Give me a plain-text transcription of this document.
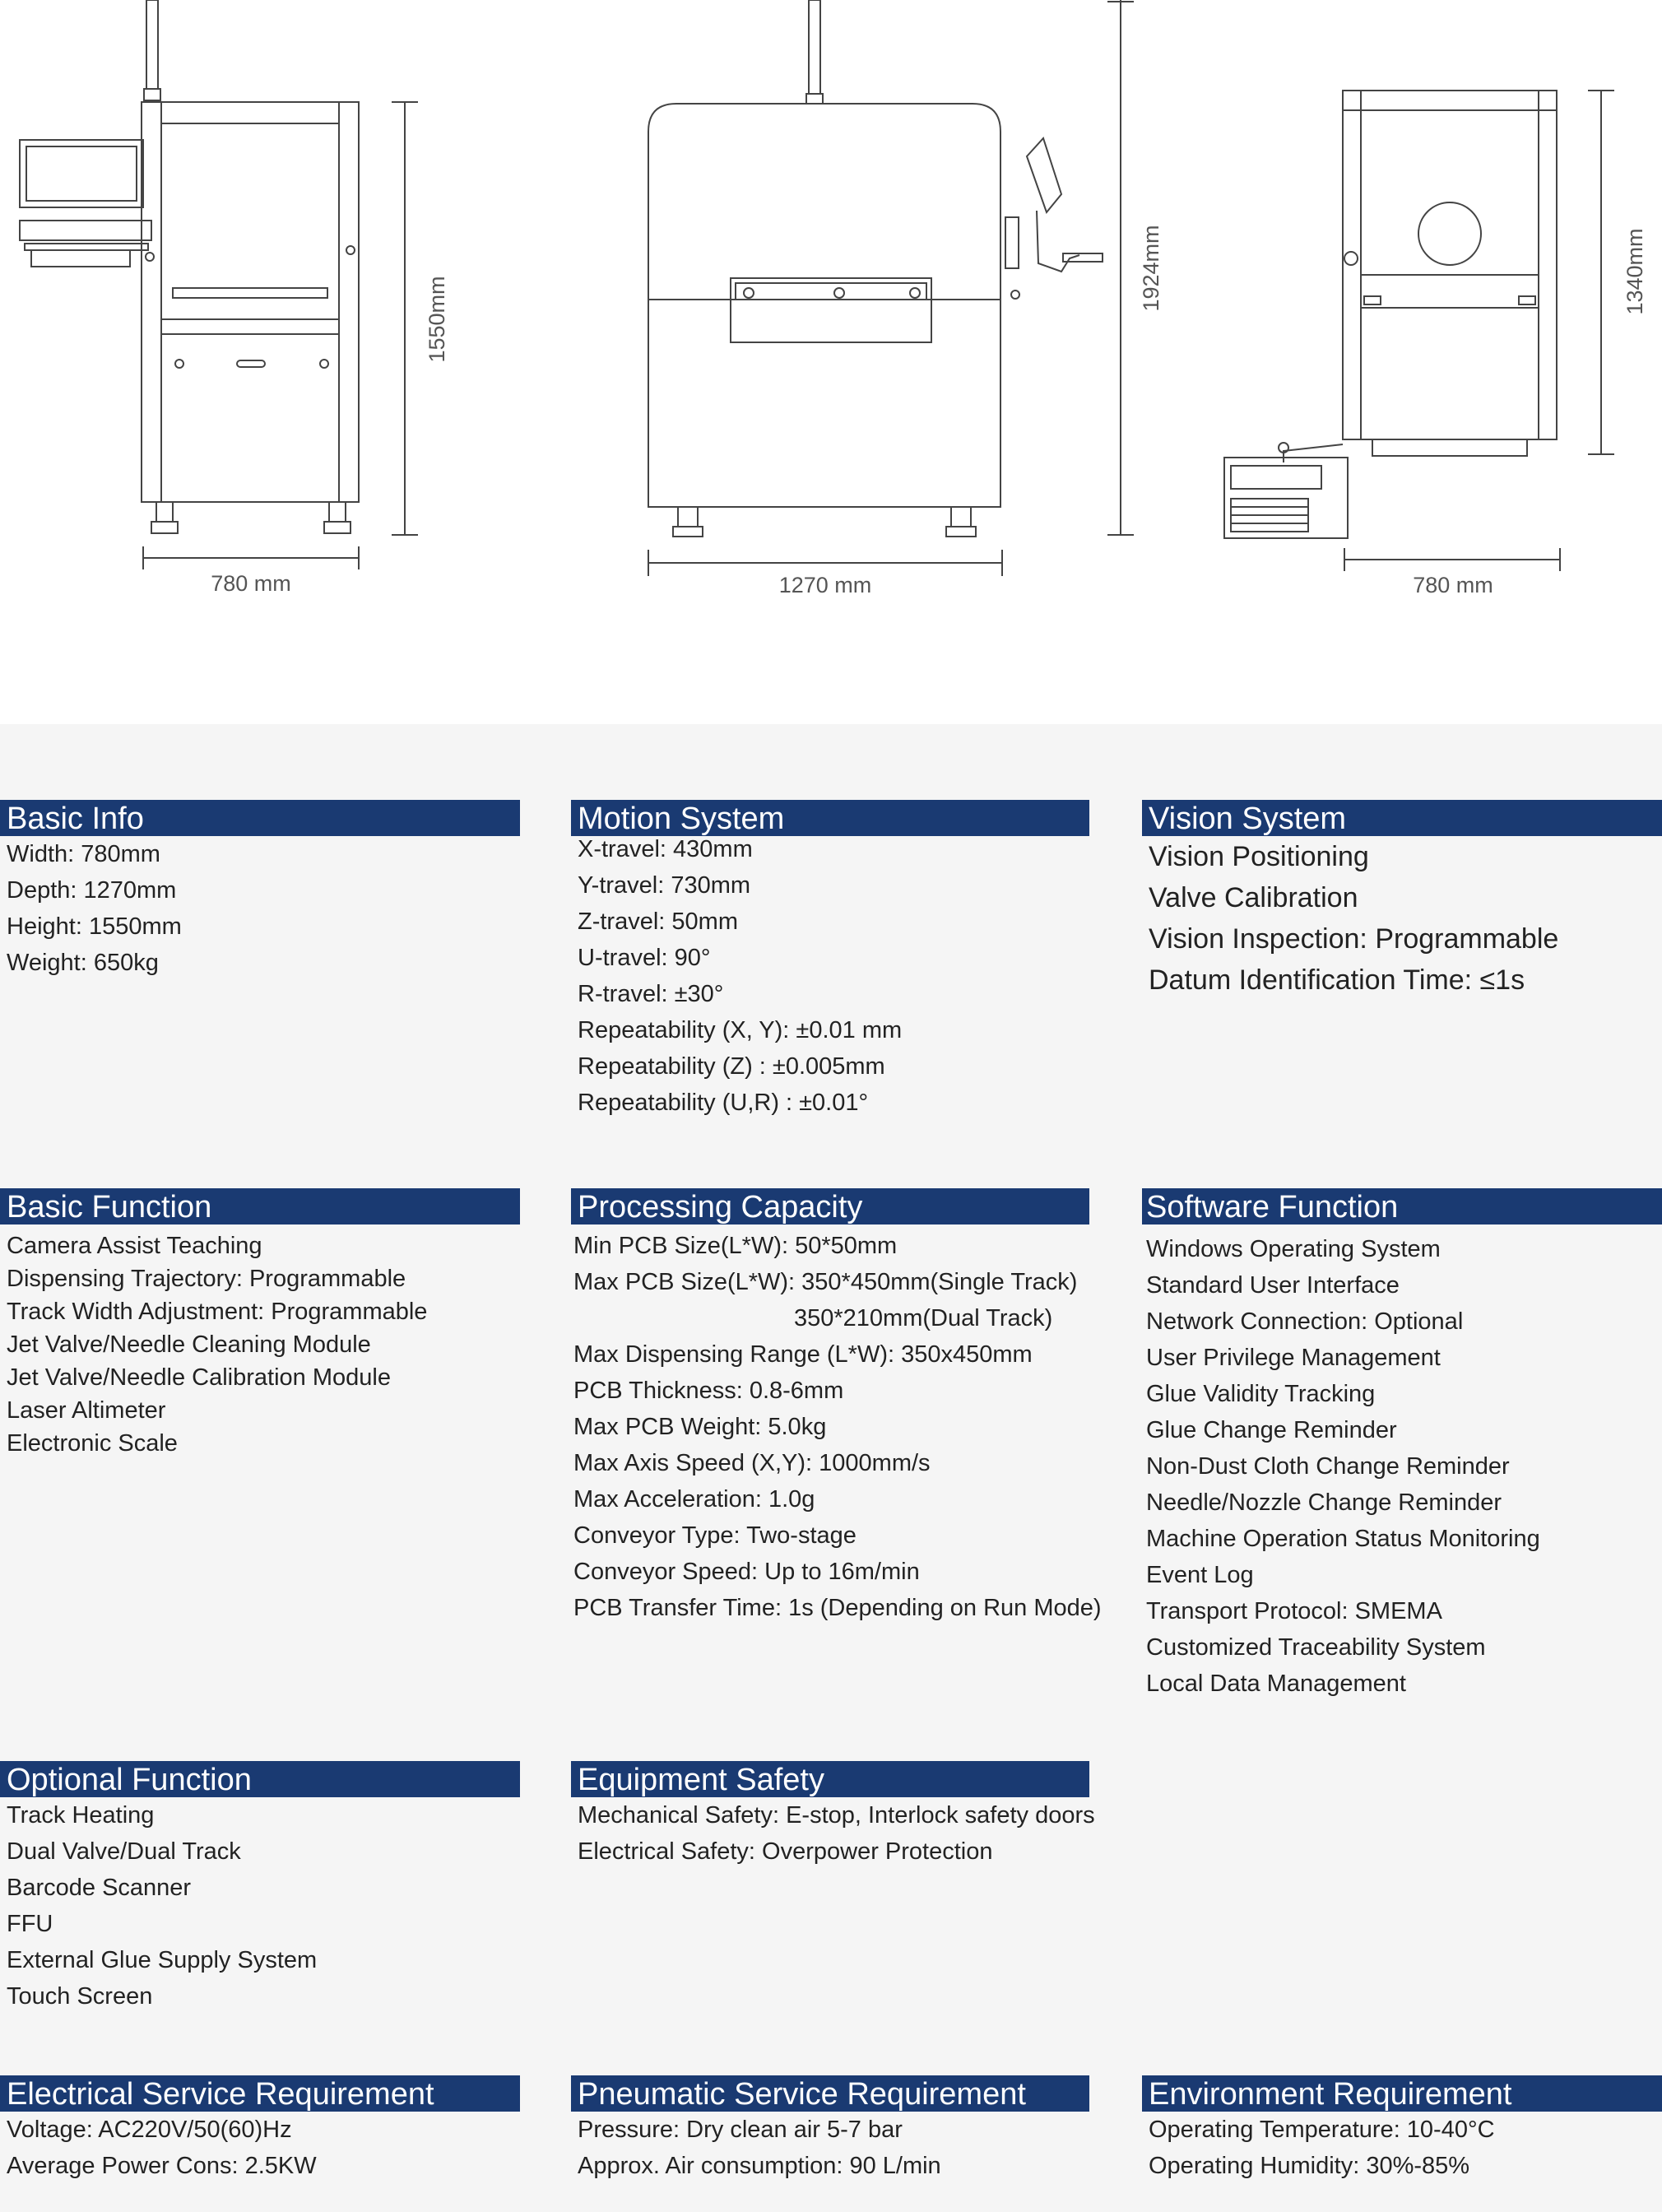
780 mm
1550mm
1270 mm
1924mm
780 mm
1340mm
Basic Info
Width: 780mm
Depth: 1270mm
Height: 1550mm
Weight: 650kg
Motion System
X-travel: 430mm
Y-travel: 730mm
Z-travel: 50mm
U-travel: 90°
R-travel: ±30°
Repeatability (X, Y): ±0.01 mm
Repeatability (Z) : ±0.005mm
Repeatability (U,R) : ±0.01°
Vision System
Vision Positioning
Valve Calibration
Vision Inspection: Programmable
Datum Identification Time: ≤1s
Basic Function
Camera Assist Teaching
Dispensing Trajectory: Programmable
Track Width Adjustment: Programmable
Jet Valve/Needle Cleaning Module
Jet Valve/Needle Calibration Module
Laser Altimeter
Electronic Scale
Processing Capacity
Min PCB Size(L*W): 50*50mm
Max PCB Size(L*W): 350*450mm(Single Track)
350*210mm(Dual Track)
Max Dispensing Range (L*W): 350x450mm
PCB Thickness: 0.8-6mm
Max PCB Weight: 5.0kg
Max Axis Speed (X,Y): 1000mm/s
Max Acceleration: 1.0g
Conveyor Type: Two-stage
Conveyor Speed: Up to 16m/min
PCB Transfer Time: 1s (Depending on Run Mode)
Software Function
Windows Operating System
Standard User Interface
Network Connection: Optional
User Privilege Management
Glue Validity Tracking
Glue Change Reminder
Non-Dust Cloth Change Reminder
Needle/Nozzle Change Reminder
Machine Operation Status Monitoring
Event Log
Transport Protocol: SMEMA
Customized Traceability System
Local Data Management
Optional Function
Track Heating
Dual Valve/Dual Track
Barcode Scanner
FFU
External Glue Supply System
Touch Screen
Equipment Safety
Mechanical Safety: E-stop, Interlock safety doors
Electrical Safety: Overpower Protection
Electrical Service Requirement
Voltage: AC220V/50(60)Hz
Average Power Cons: 2.5KW
Pneumatic Service Requirement
Pressure: Dry clean air 5-7 bar
Approx. Air consumption: 90 L/min
Environment Requirement
Operating Temperature: 10-40°C
Operating Humidity: 30%-85%
